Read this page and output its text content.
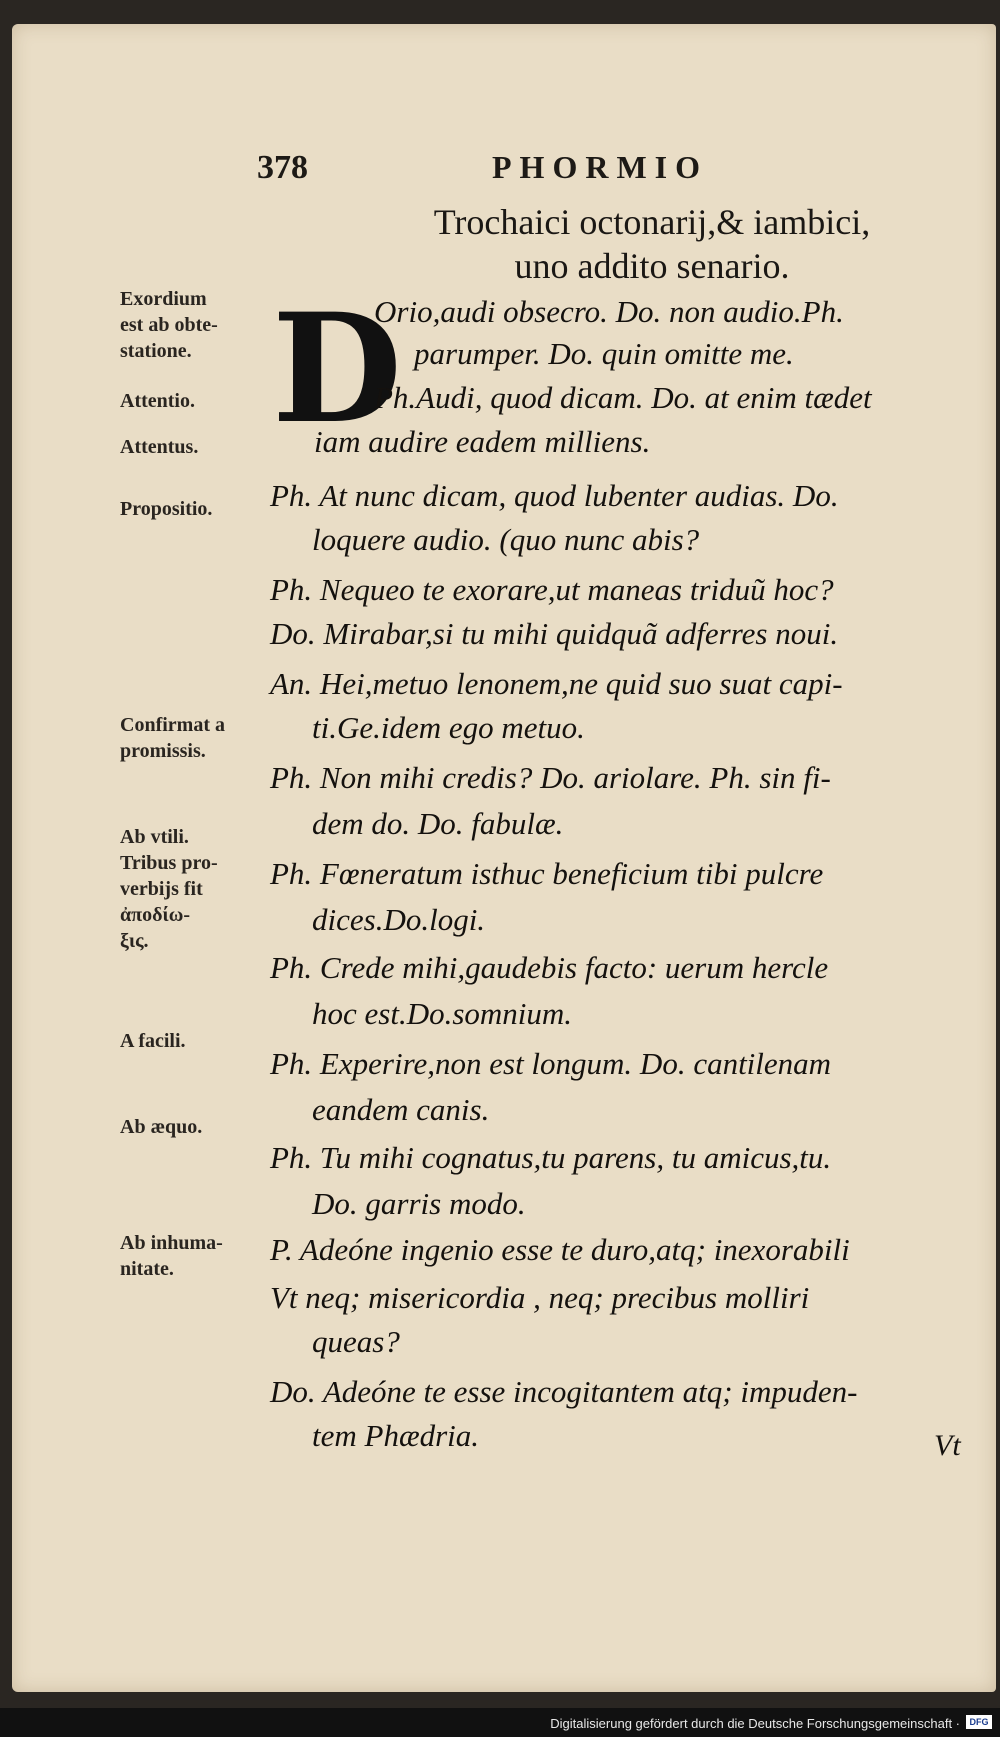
378	PHORMIO
Trochaici octonarij,& iambici,
uno addito senario.
D
Exordium
est ab obte-
statione.
Attentio.
Attentus.
Propositio.
Confirmat a
promissis.
Ab vtili.
Tribus pro-
verbijs fit
ἀποδίω-
ξις.
A facili.
Ab æquo.
Ab inhuma-
nitate.
Orio,audi obsecro. Do. non audio.Ph.
parumper. Do. quin omitte me.
Ph.Audi, quod dicam. Do. at enim tædet
iam audire eadem milliens.
Ph. At nunc dicam, quod lubenter audias. Do.
loquere audio. (quo nunc abis?
Ph. Nequeo te exorare,ut maneas triduũ hoc?
Do. Mirabar,si tu mihi quidquã adferres noui.
An. Hei,metuo lenonem,ne quid suo suat capi-
ti.Ge.idem ego metuo.
Ph. Non mihi credis? Do. ariolare. Ph. sin fi-
dem do. Do. fabulæ.
Ph. Fœneratum isthuc beneficium tibi pulcre
dices.Do.logi.
Ph. Crede mihi,gaudebis facto: uerum hercle
hoc est.Do.somnium.
Ph. Experire,non est longum. Do. cantilenam
eandem canis.
Ph. Tu mihi cognatus,tu parens, tu amicus,tu.
Do. garris modo.
P. Adeóne ingenio esse te duro,atq; inexorabili
Vt neq; misericordia , neq; precibus molliri
queas?
Do. Adeóne te esse incogitantem atq; impuden-
tem Phædria.	Vt
Digitalisierung gefördert durch die Deutsche Forschungsgemeinschaft ·	DFG
